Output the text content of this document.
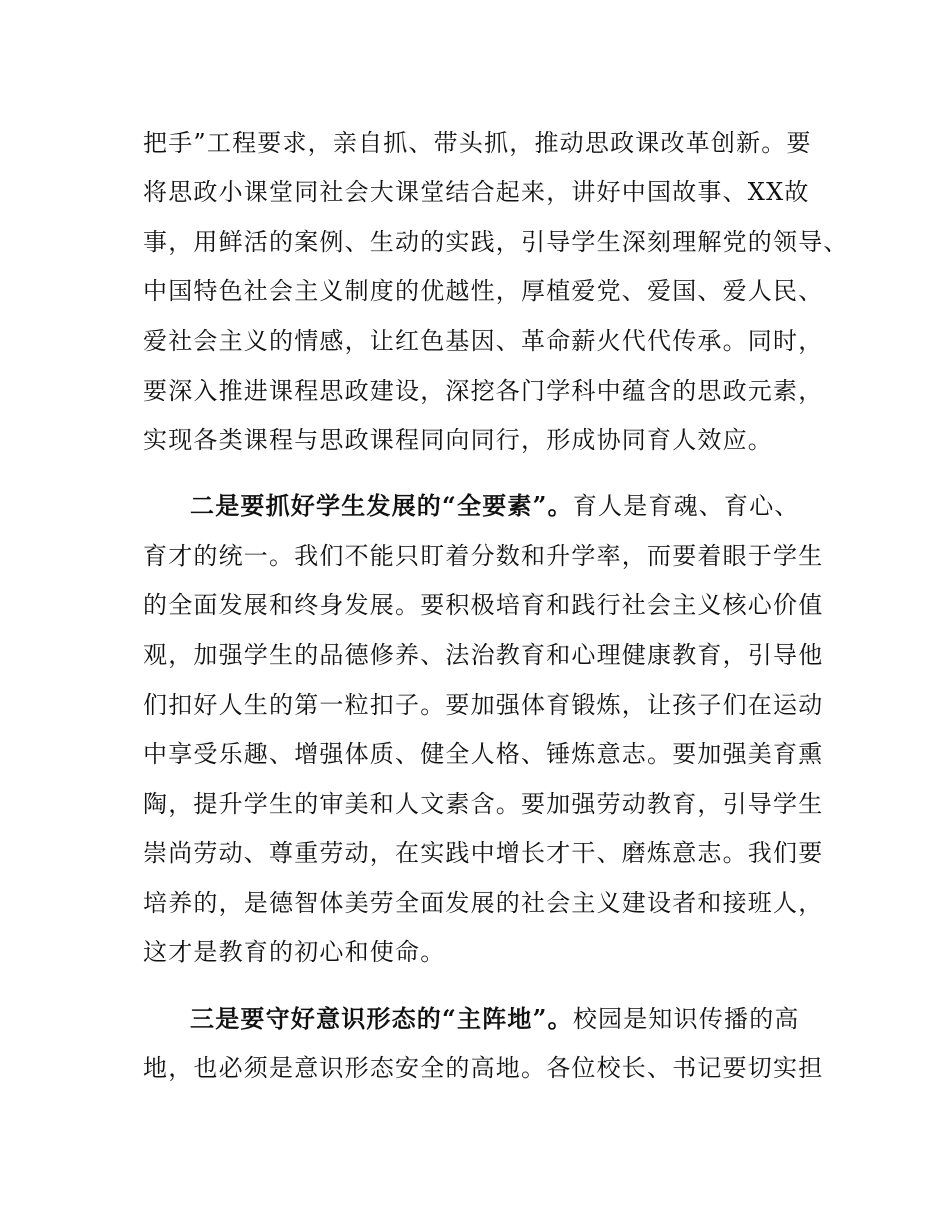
把手”工程要求，亲自抓、带头抓，推动思政课改革创新。要
将思政小课堂同社会大课堂结合起来，讲好中国故事、XX故
事，用鲜活的案例、生动的实践，引导学生深刻理解党的领导、
中国特色社会主义制度的优越性，厚植爱党、爱国、爱人民、
爱社会主义的情感，让红色基因、革命薪火代代传承。同时，
要深入推进课程思政建设，深挖各门学科中蕴含的思政元素，
实现各类课程与思政课程同向同行，形成协同育人效应。
二是要抓好学生发展的“全要素”。育人是育魂、育心、
育才的统一。我们不能只盯着分数和升学率，而要着眼于学生
的全面发展和终身发展。要积极培育和践行社会主义核心价值
观，加强学生的品德修养、法治教育和心理健康教育，引导他
们扣好人生的第一粒扣子。要加强体育锻炼，让孩子们在运动
中享受乐趣、增强体质、健全人格、锤炼意志。要加强美育熏
陶，提升学生的审美和人文素含。要加强劳动教育，引导学生
崇尚劳动、尊重劳动，在实践中增长才干、磨炼意志。我们要
培养的，是德智体美劳全面发展的社会主义建设者和接班人，
这才是教育的初心和使命。
三是要守好意识形态的“主阵地”。校园是知识传播的高
地，也必须是意识形态安全的高地。各位校长、书记要切实担
